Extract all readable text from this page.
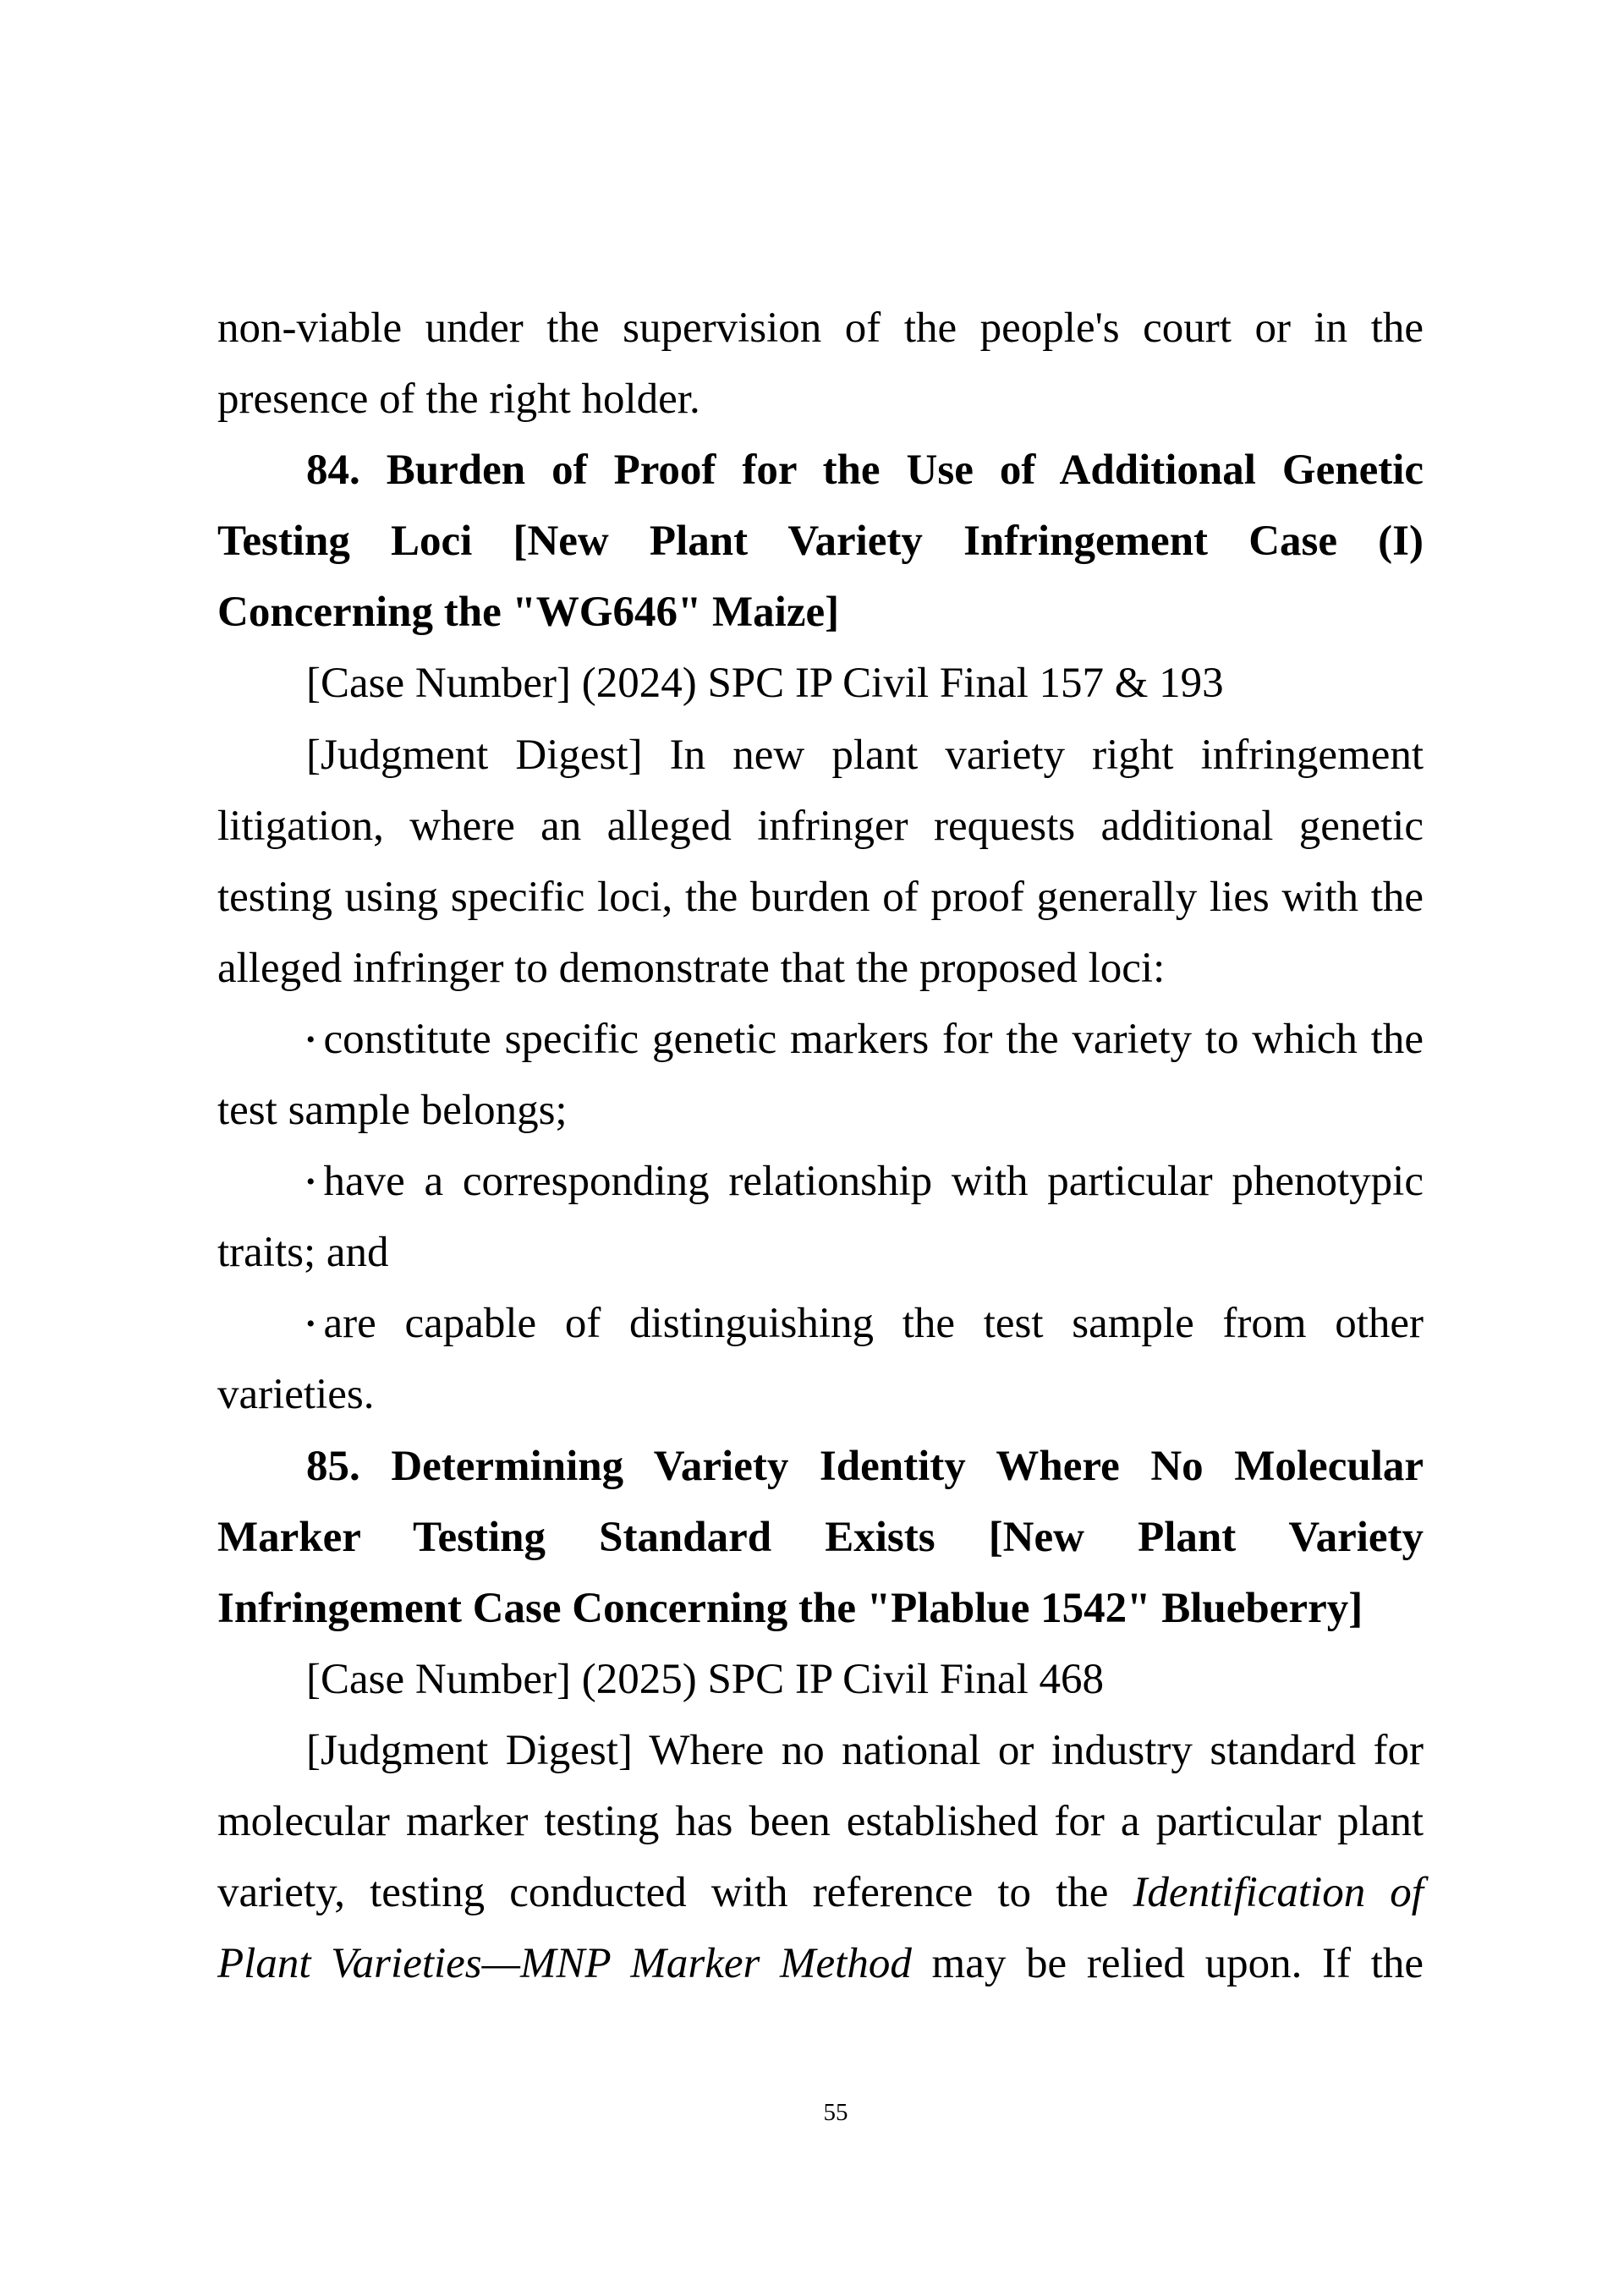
non-viable under the supervision of the people's court or in the
presence of the right holder.
84. Burden of Proof for the Use of Additional Genetic
Testing Loci [New Plant Variety Infringement Case (I)
Concerning the "WG646" Maize]
[Case Number] (2024) SPC IP Civil Final 157 & 193
[Judgment Digest] In new plant variety right infringement
litigation, where an alleged infringer requests additional genetic
testing using specific loci, the burden of proof generally lies with the
alleged infringer to demonstrate that the proposed loci:
• constitute specific genetic markers for the variety to which the
test sample belongs;
• have a corresponding relationship with particular phenotypic
traits; and
• are capable of distinguishing the test sample from other
varieties.
85. Determining Variety Identity Where No Molecular
Marker Testing Standard Exists [New Plant Variety
Infringement Case Concerning the "Plablue 1542" Blueberry]
[Case Number] (2025) SPC IP Civil Final 468
[Judgment Digest] Where no national or industry standard for
molecular marker testing has been established for a particular plant
variety, testing conducted with reference to the Identification of
Plant Varieties—MNP Marker Method may be relied upon. If the
55
